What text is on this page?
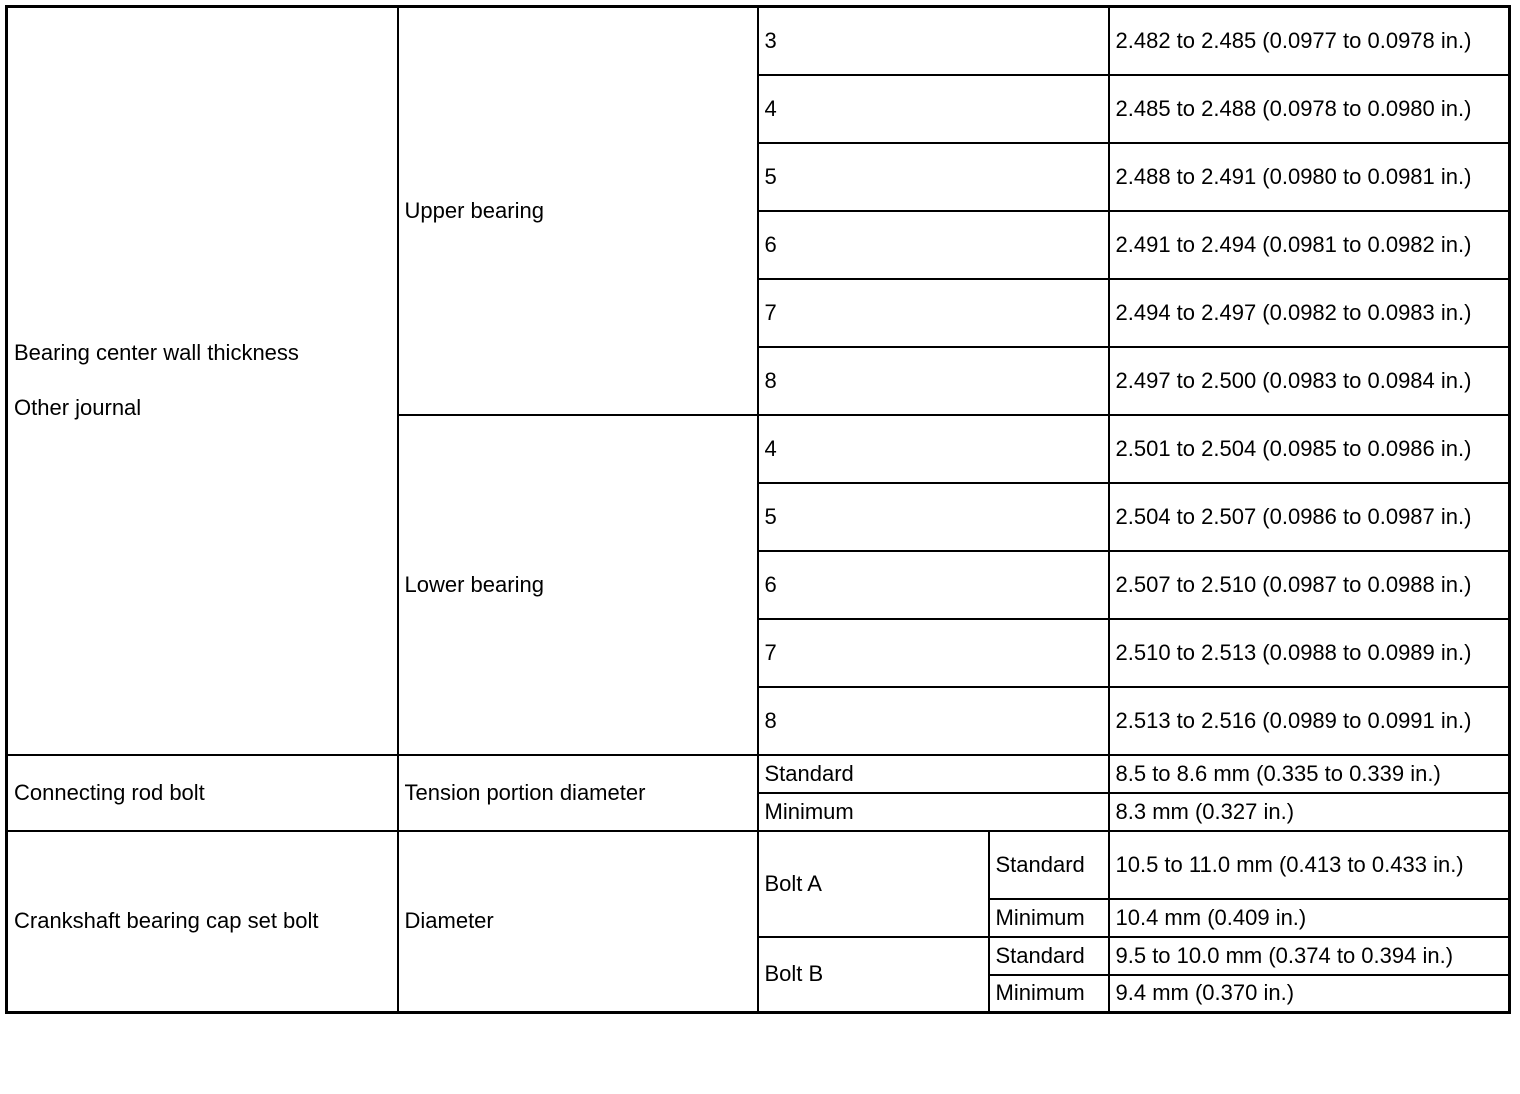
Bearing center wall thickness
Other journal	Upper bearing	3		2.482 to 2.485 (0.0977 to 0.0978 in.)
		4		2.485 to 2.488 (0.0978 to 0.0980 in.)
		5		2.488 to 2.491 (0.0980 to 0.0981 in.)
		6		2.491 to 2.494 (0.0981 to 0.0982 in.)
		7		2.494 to 2.497 (0.0982 to 0.0983 in.)
		8		2.497 to 2.500 (0.0983 to 0.0984 in.)
	Lower bearing	4		2.501 to 2.504 (0.0985 to 0.0986 in.)
		5		2.504 to 2.507 (0.0986 to 0.0987 in.)
		6		2.507 to 2.510 (0.0987 to 0.0988 in.)
		7		2.510 to 2.513 (0.0988 to 0.0989 in.)
		8		2.513 to 2.516 (0.0989 to 0.0991 in.)
Connecting rod bolt	Tension portion diameter	Standard		8.5 to 8.6 mm (0.335 to 0.339 in.)
		Minimum		8.3 mm (0.327 in.)
Crankshaft bearing cap set bolt	Diameter	Bolt A	Standard	10.5 to 11.0 mm (0.413 to 0.433 in.)
			Minimum	10.4 mm (0.409 in.)
		Bolt B	Standard	9.5 to 10.0 mm (0.374 to 0.394 in.)
			Minimum	9.4 mm (0.370 in.)
